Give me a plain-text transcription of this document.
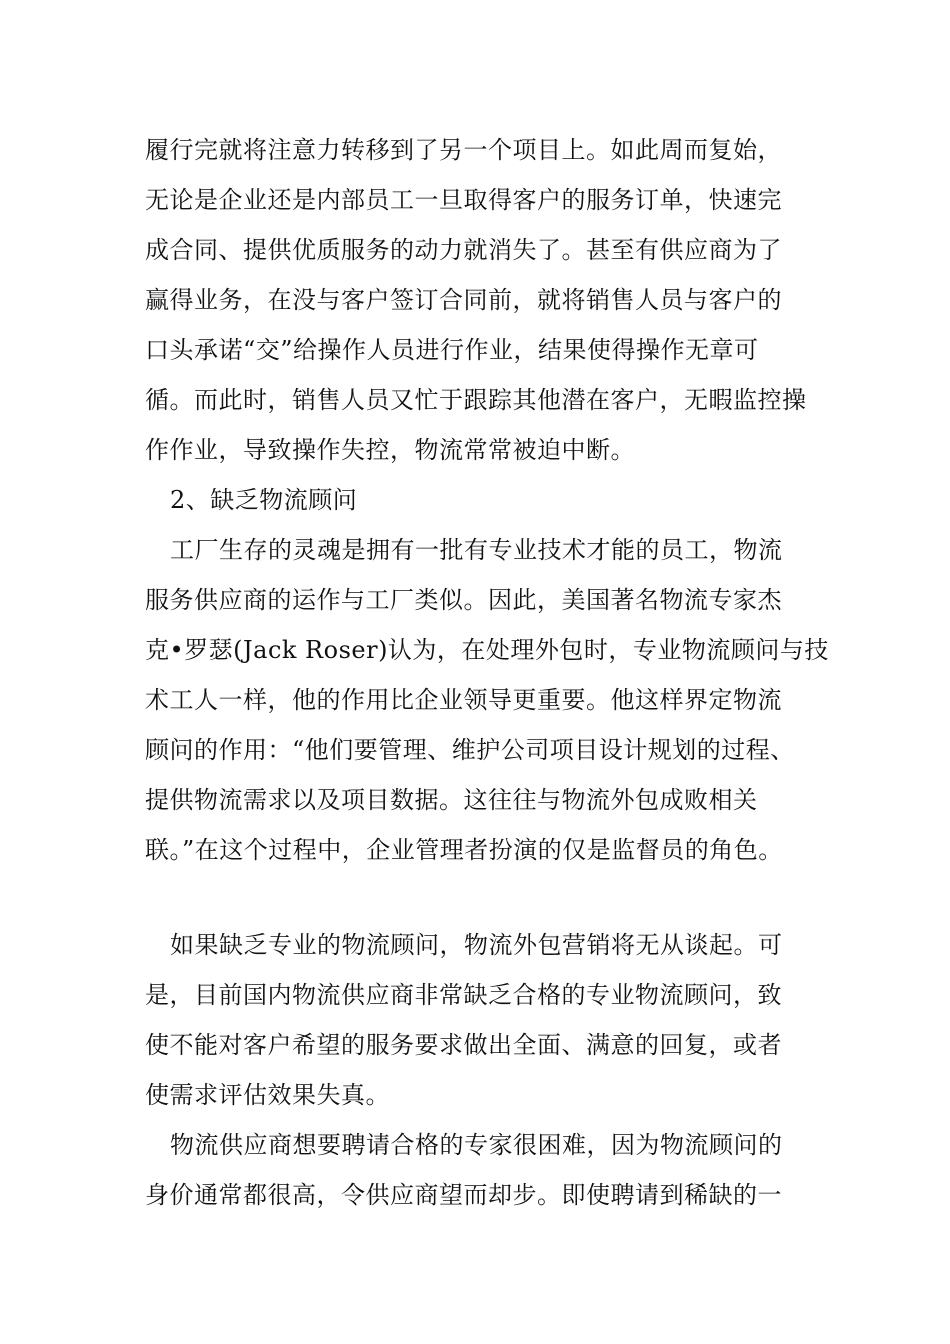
履行完就将注意力转移到了另一个项目上。如此周而复始，
无论是企业还是内部员工一旦取得客户的服务订单，快速完
成合同、提供优质服务的动力就消失了。甚至有供应商为了
赢得业务，在没与客户签订合同前，就将销售人员与客户的
口头承诺“交”给操作人员进行作业，结果使得操作无章可
循。而此时，销售人员又忙于跟踪其他潜在客户，无暇监控操
作作业，导致操作失控，物流常常被迫中断。
2、缺乏物流顾问
工厂生存的灵魂是拥有一批有专业技术才能的员工，物流
服务供应商的运作与工厂类似。因此，美国著名物流专家杰
克•罗瑟(Jack Roser)认为，在处理外包时，专业物流顾问与技
术工人一样，他的作用比企业领导更重要。他这样界定物流
顾问的作用：“他们要管理、维护公司项目设计规划的过程、
提供物流需求以及项目数据。这往往与物流外包成败相关
联。”在这个过程中，企业管理者扮演的仅是监督员的角色。
如果缺乏专业的物流顾问，物流外包营销将无从谈起。可
是，目前国内物流供应商非常缺乏合格的专业物流顾问，致
使不能对客户希望的服务要求做出全面、满意的回复，或者
使需求评估效果失真。
物流供应商想要聘请合格的专家很困难，因为物流顾问的
身价通常都很高，令供应商望而却步。即使聘请到稀缺的一
